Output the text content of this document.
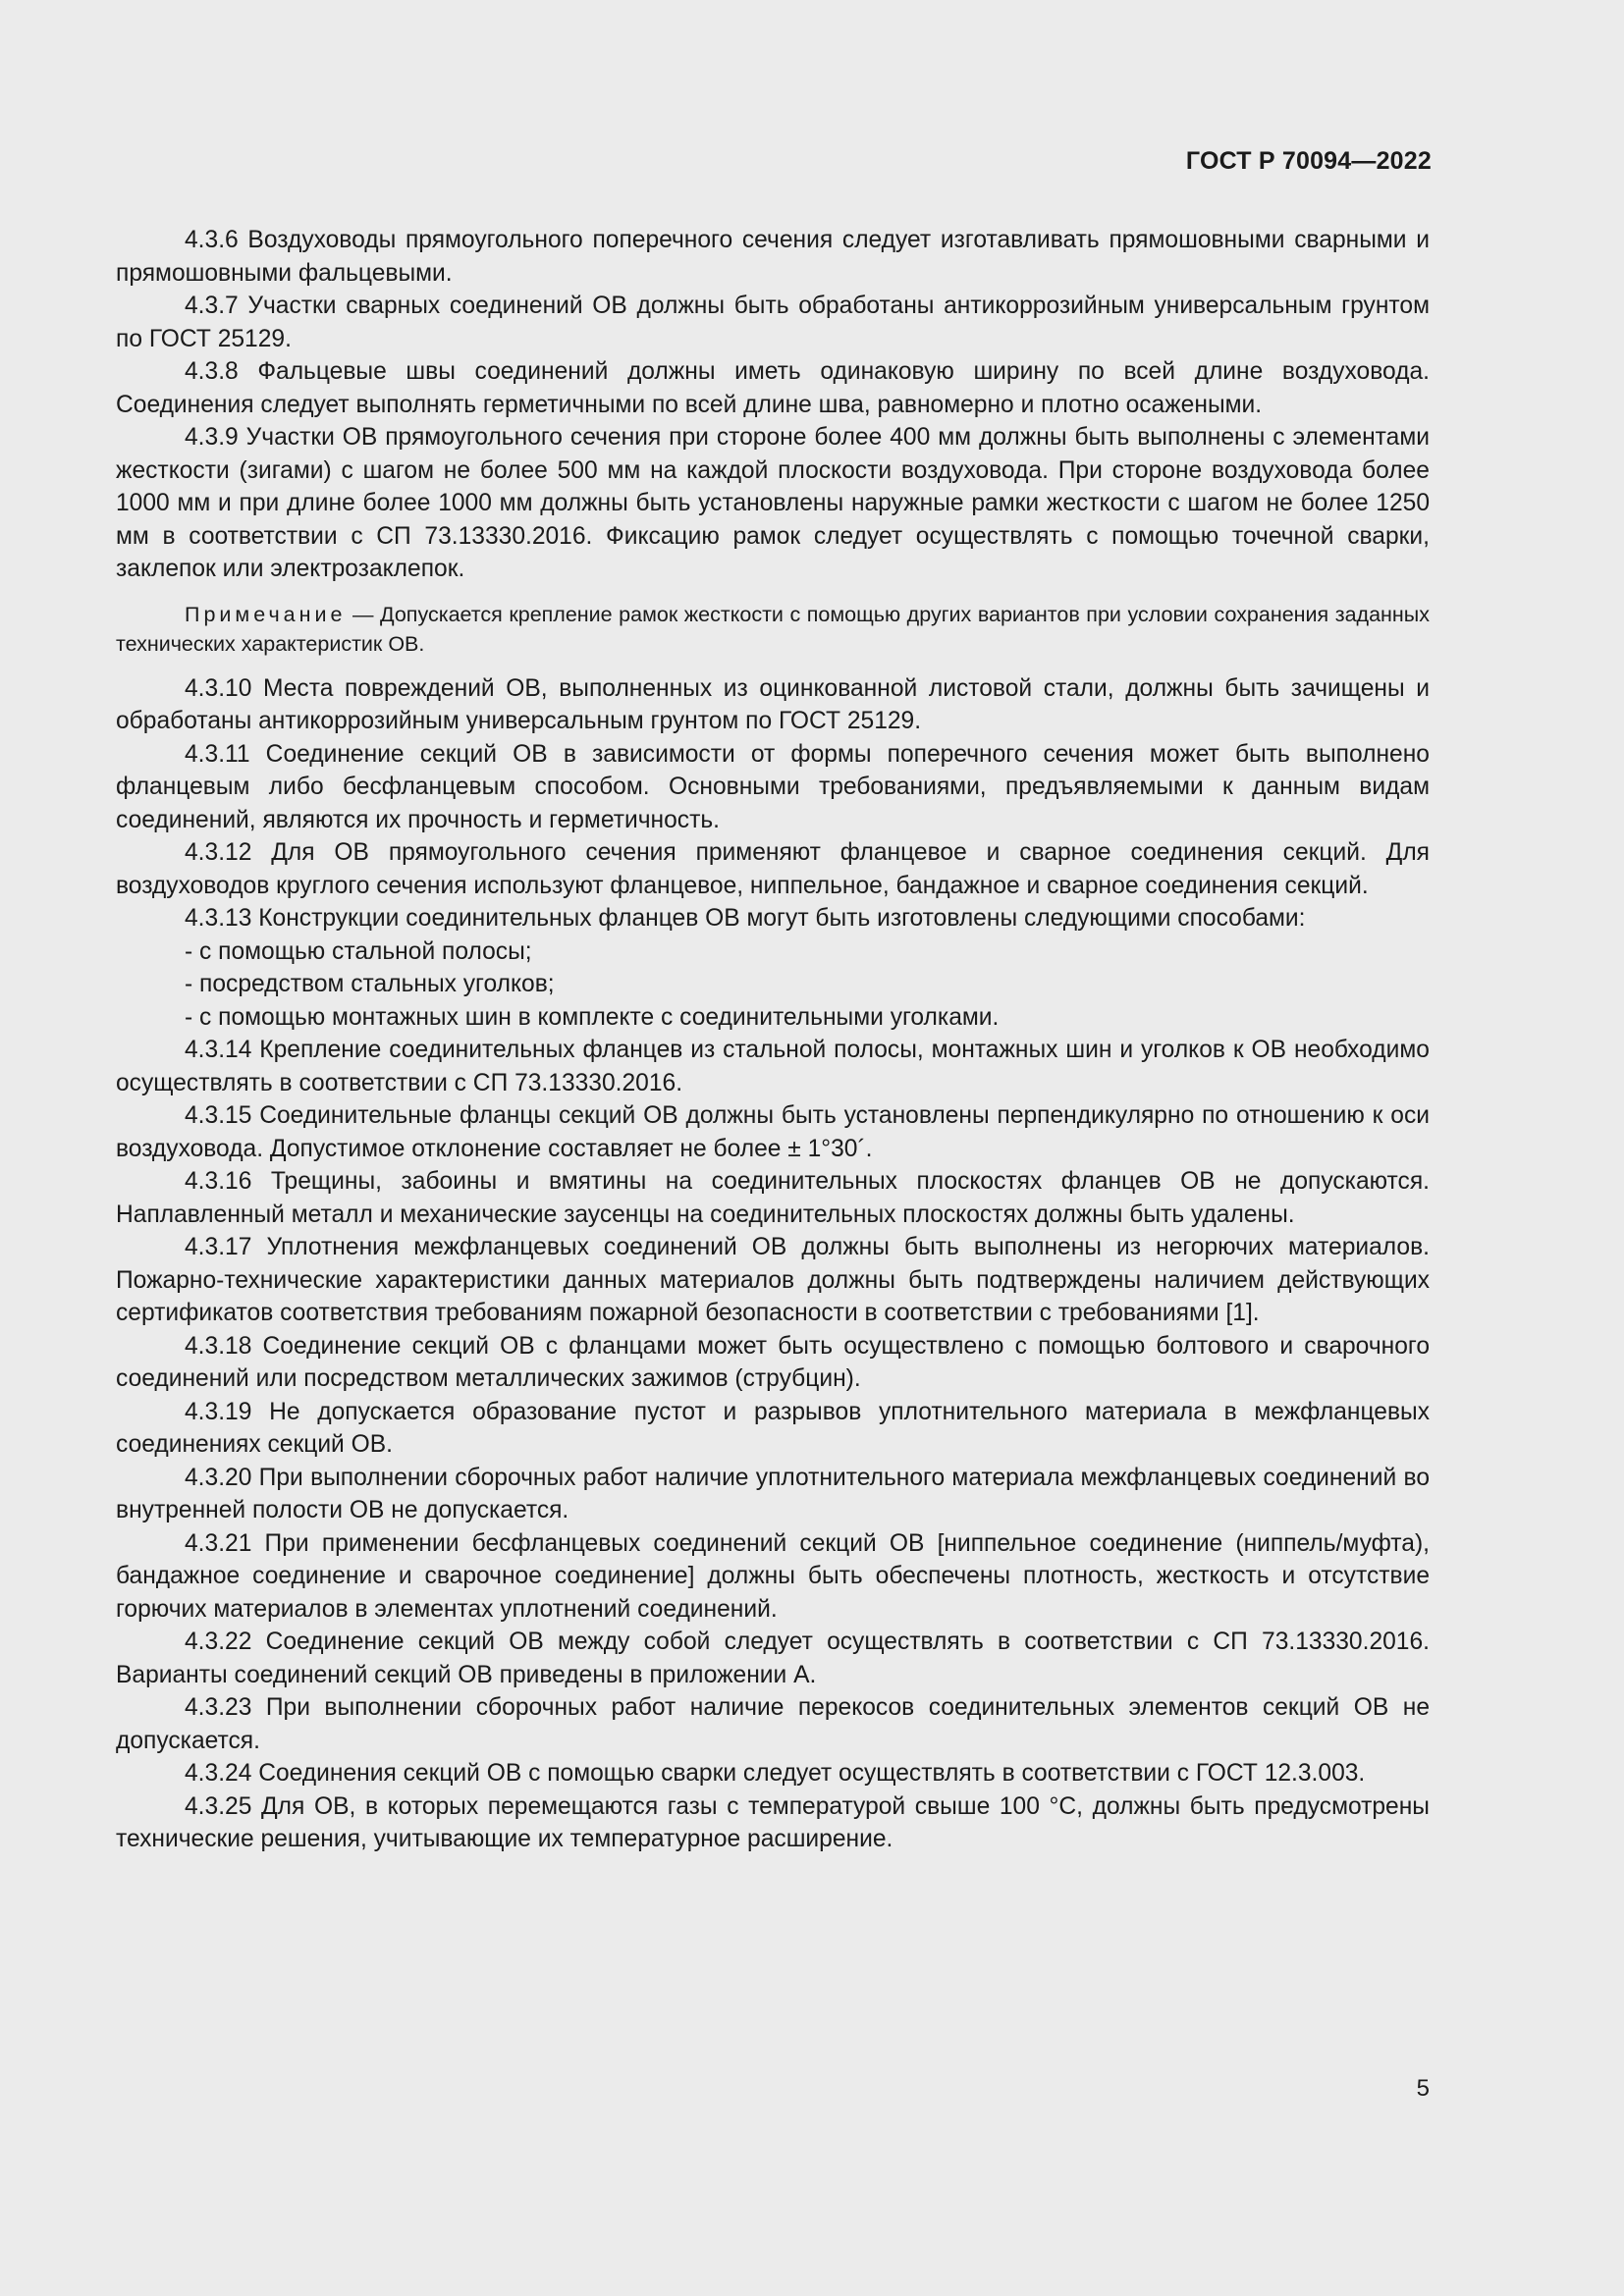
ГОСТ Р 70094—2022

4.3.6 Воздуховоды прямоугольного поперечного сечения следует изготавливать прямошовными сварными и прямошовными фальцевыми.

4.3.7 Участки сварных соединений ОВ должны быть обработаны антикоррозийным универсальным грунтом по ГОСТ 25129.

4.3.8 Фальцевые швы соединений должны иметь одинаковую ширину по всей длине воздуховода. Соединения следует выполнять герметичными по всей длине шва, равномерно и плотно осажеными.

4.3.9 Участки ОВ прямоугольного сечения при стороне более 400 мм должны быть выполнены с элементами жесткости (зигами) с шагом не более 500 мм на каждой плоскости воздуховода. При стороне воздуховода более 1000 мм и при длине более 1000 мм должны быть установлены наружные рамки жесткости с шагом не более 1250 мм в соответствии с СП 73.13330.2016. Фиксацию рамок следует осуществлять с помощью точечной сварки, заклепок или электрозаклепок.

Примечание — Допускается крепление рамок жесткости с помощью других вариантов при условии сохранения заданных технических характеристик ОВ.

4.3.10 Места повреждений ОВ, выполненных из оцинкованной листовой стали, должны быть зачищены и обработаны антикоррозийным универсальным грунтом по ГОСТ 25129.

4.3.11 Соединение секций ОВ в зависимости от формы поперечного сечения может быть выполнено фланцевым либо бесфланцевым способом. Основными требованиями, предъявляемыми к данным видам соединений, являются их прочность и герметичность.

4.3.12 Для ОВ прямоугольного сечения применяют фланцевое и сварное соединения секций. Для воздуховодов круглого сечения используют фланцевое, ниппельное, бандажное и сварное соединения секций.

4.3.13 Конструкции соединительных фланцев ОВ могут быть изготовлены следующими способами:

- с помощью стальной полосы;

- посредством стальных уголков;

- с помощью монтажных шин в комплекте с соединительными уголками.

4.3.14 Крепление соединительных фланцев из стальной полосы, монтажных шин и уголков к ОВ необходимо осуществлять в соответствии с СП 73.13330.2016.

4.3.15 Соединительные фланцы секций ОВ должны быть установлены перпендикулярно по отношению к оси воздуховода. Допустимое отклонение составляет не более ± 1°30´.

4.3.16 Трещины, забоины и вмятины на соединительных плоскостях фланцев ОВ не допускаются. Наплавленный металл и механические заусенцы на соединительных плоскостях должны быть удалены.

4.3.17 Уплотнения межфланцевых соединений ОВ должны быть выполнены из негорючих материалов. Пожарно-технические характеристики данных материалов должны быть подтверждены наличием действующих сертификатов соответствия требованиям пожарной безопасности в соответствии с требованиями [1].

4.3.18 Соединение секций ОВ с фланцами может быть осуществлено с помощью болтового и сварочного соединений или посредством металлических зажимов (струбцин).

4.3.19 Не допускается образование пустот и разрывов уплотнительного материала в межфланцевых соединениях секций ОВ.

4.3.20 При выполнении сборочных работ наличие уплотнительного материала межфланцевых соединений во внутренней полости ОВ не допускается.

4.3.21 При применении бесфланцевых соединений секций ОВ [ниппельное соединение (ниппель/муфта), бандажное соединение и сварочное соединение] должны быть обеспечены плотность, жесткость и отсутствие горючих материалов в элементах уплотнений соединений.

4.3.22 Соединение секций ОВ между собой следует осуществлять в соответствии с СП 73.13330.2016. Варианты соединений секций ОВ приведены в приложении А.

4.3.23 При выполнении сборочных работ наличие перекосов соединительных элементов секций ОВ не допускается.

4.3.24 Соединения секций ОВ с помощью сварки следует осуществлять в соответствии с ГОСТ 12.3.003.

4.3.25 Для ОВ, в которых перемещаются газы с температурой свыше 100 °С, должны быть предусмотрены технические решения, учитывающие их температурное расширение.

5
